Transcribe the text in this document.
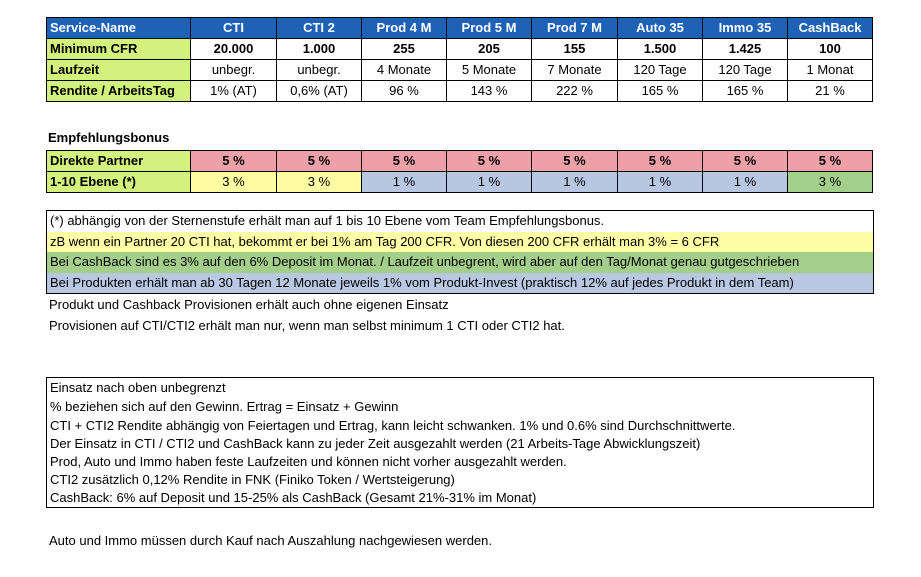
Service-Name	CTI	CTI 2	Prod 4 M	Prod 5 M	Prod 7 M	Auto 35	Immo 35	CashBack
Minimum CFR	20.000	1.000	255	205	155	1.500	1.425	100
Laufzeit	unbegr.	unbegr.	4 Monate	5 Monate	7 Monate	120 Tage	120 Tage	1 Monat
Rendite / ArbeitsTag	1% (AT)	0,6% (AT)	96 %	143 %	222 %	165 %	165 %	21 %
Empfehlungsbonus
Direkte Partner	5 %	5 %	5 %	5 %	5 %	5 %	5 %	5 %
1-10 Ebene (*)	3 %	3 %	1 %	1 %	1 %	1 %	1 %	3 %
(*) abhängig von der Sternenstufe erhält man auf 1 bis 10 Ebene vom Team Empfehlungsbonus.
zB wenn ein Partner 20 CTI hat, bekommt er bei 1% am Tag 200 CFR. Von diesen 200 CFR erhält man 3% = 6 CFR
Bei CashBack sind es 3% auf den 6% Deposit im Monat. / Laufzeit unbegrent, wird aber auf den Tag/Monat genau gutgeschrieben
Bei Produkten erhält man ab 30 Tagen 12 Monate jeweils 1% vom Produkt-Invest (praktisch 12% auf jedes Produkt in dem Team)
Produkt und Cashback Provisionen erhält auch ohne eigenen Einsatz
Provisionen auf CTI/CTI2 erhält man nur, wenn man selbst minimum 1 CTI oder CTI2 hat.
Einsatz nach oben unbegrenzt
% beziehen sich auf den Gewinn. Ertrag = Einsatz + Gewinn
CTI + CTI2 Rendite abhängig von Feiertagen und Ertrag, kann leicht schwanken. 1% und 0.6% sind Durchschnittwerte.
Der Einsatz in CTI / CTI2 und CashBack kann zu jeder Zeit ausgezahlt werden (21 Arbeits-Tage Abwicklungszeit)
Prod, Auto und Immo haben feste Laufzeiten und können nicht vorher ausgezahlt werden.
CTI2 zusätzlich 0,12% Rendite in FNK (Finiko Token / Wertsteigerung)
CashBack: 6% auf Deposit und 15-25% als CashBack (Gesamt 21%-31% im Monat)
Auto und Immo müssen durch Kauf nach Auszahlung nachgewiesen werden.
